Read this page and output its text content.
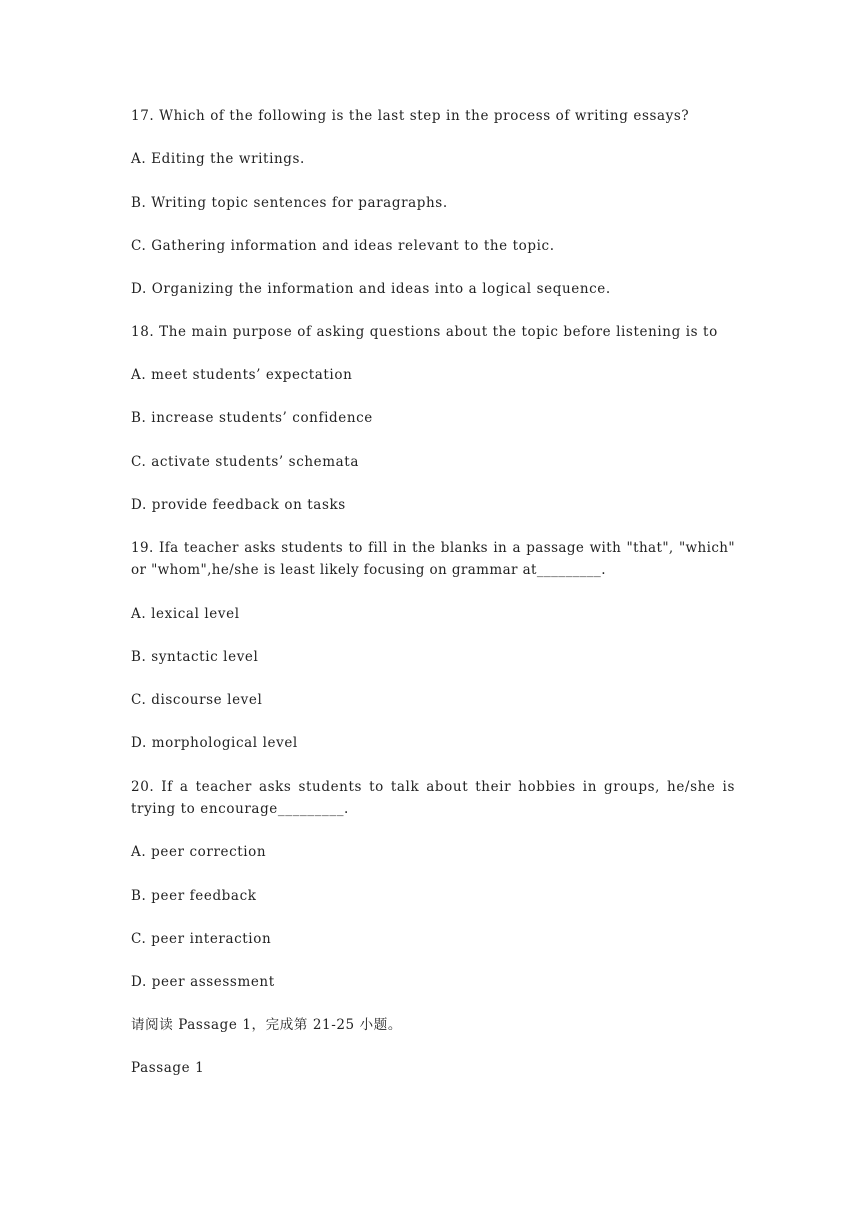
17. Which of the following is the last step in the process of writing essays?
A. Editing the writings.
B. Writing topic sentences for paragraphs.
C. Gathering information and ideas relevant to the topic.
D. Organizing the information and ideas into a logical sequence.
18. The main purpose of asking questions about the topic before listening is to
A. meet students’ expectation
B. increase students’ confidence
C. activate students’ schemata
D. provide feedback on tasks
19. Ifa teacher asks students to fill in the blanks in a passage with "that", "which" or "whom",he/she is least likely focusing on grammar at_________.
A. lexical level
B. syntactic level
C. discourse level
D. morphological level
20. If a teacher asks students to talk about their hobbies in groups, he/she is trying to encourage_________.
A. peer correction
B. peer feedback
C. peer interaction
D. peer assessment
请阅读 Passage 1，完成第 21-25 小题。
Passage 1
